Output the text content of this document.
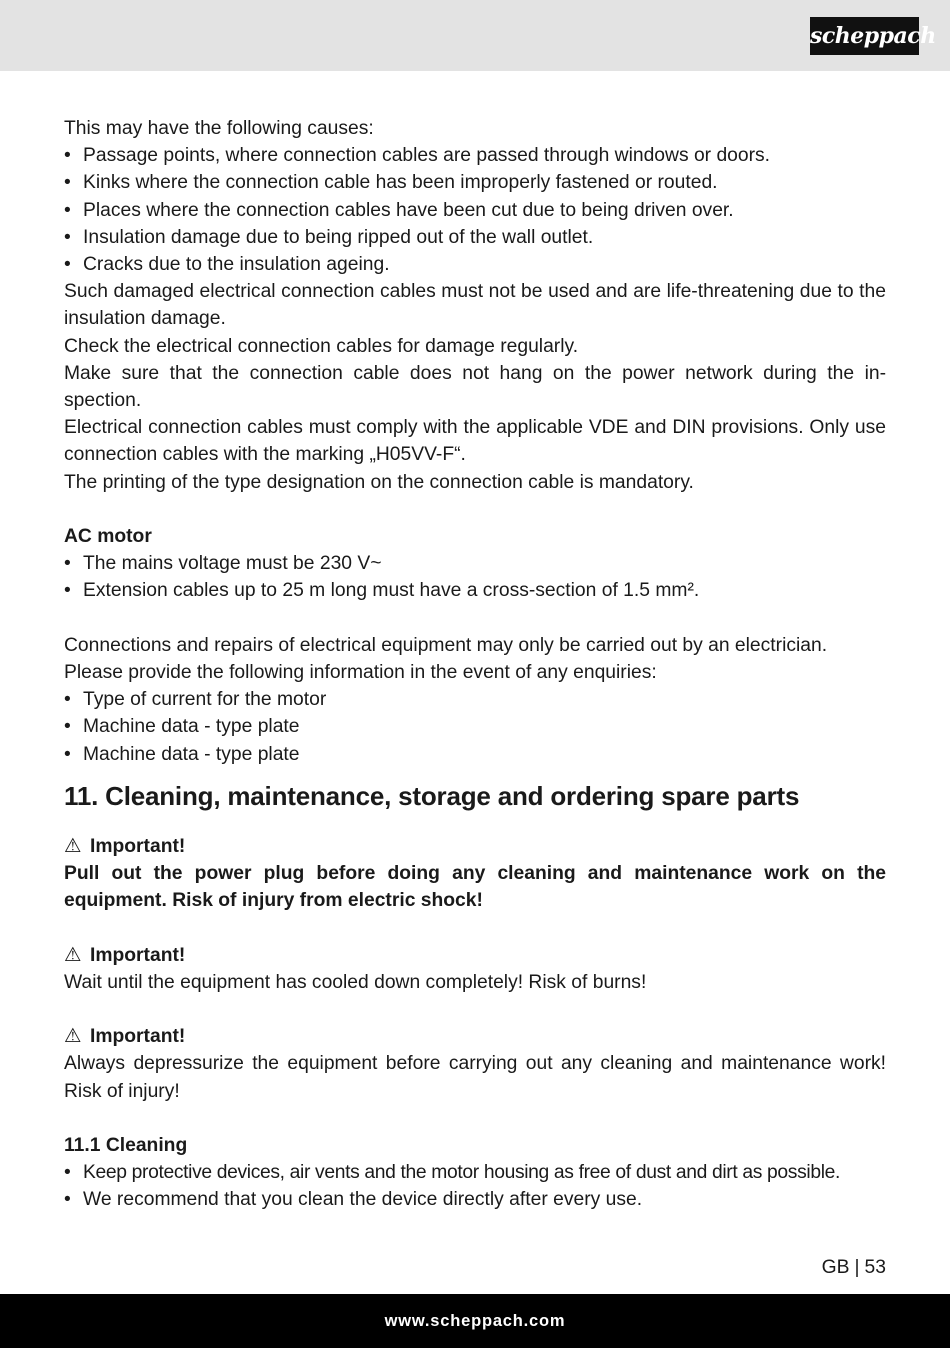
scheppach

This may have the following causes:

• Passage points, where connection cables are passed through windows or doors.
• Kinks where the connection cable has been improperly fastened or routed.
• Places where the connection cables have been cut due to being driven over.
• Insulation damage due to being ripped out of the wall outlet.
• Cracks due to the insulation ageing.

Such damaged electrical connection cables must not be used and are life-threatening due to the insulation damage.

Check the electrical connection cables for damage regularly.

Make sure that the connection cable does not hang on the power network during the in-spection.

Electrical connection cables must comply with the applicable VDE and DIN provisions. Only use connection cables with the marking „H05VV-F“.

The printing of the type designation on the connection cable is mandatory.

AC motor

• The mains voltage must be 230 V~
• Extension cables up to 25 m long must have a cross-section of 1.5 mm².

Connections and repairs of electrical equipment may only be carried out by an electrician.

Please provide the following information in the event of any enquiries:

• Type of current for the motor
• Machine data - type plate
• Machine data - type plate
11. Cleaning, maintenance, storage and ordering spare parts

⚠ Important!

Pull out the power plug before doing any cleaning and maintenance work on the equipment. Risk of injury from electric shock!

⚠ Important!

Wait until the equipment has cooled down completely! Risk of burns!

⚠ Important!

Always depressurize the equipment before carrying out any cleaning and maintenance work! Risk of injury!

11.1 Cleaning

• Keep protective devices, air vents and the motor housing as free of dust and dirt as possible.
• We recommend that you clean the device directly after every use.
GB | 53
www.scheppach.com
